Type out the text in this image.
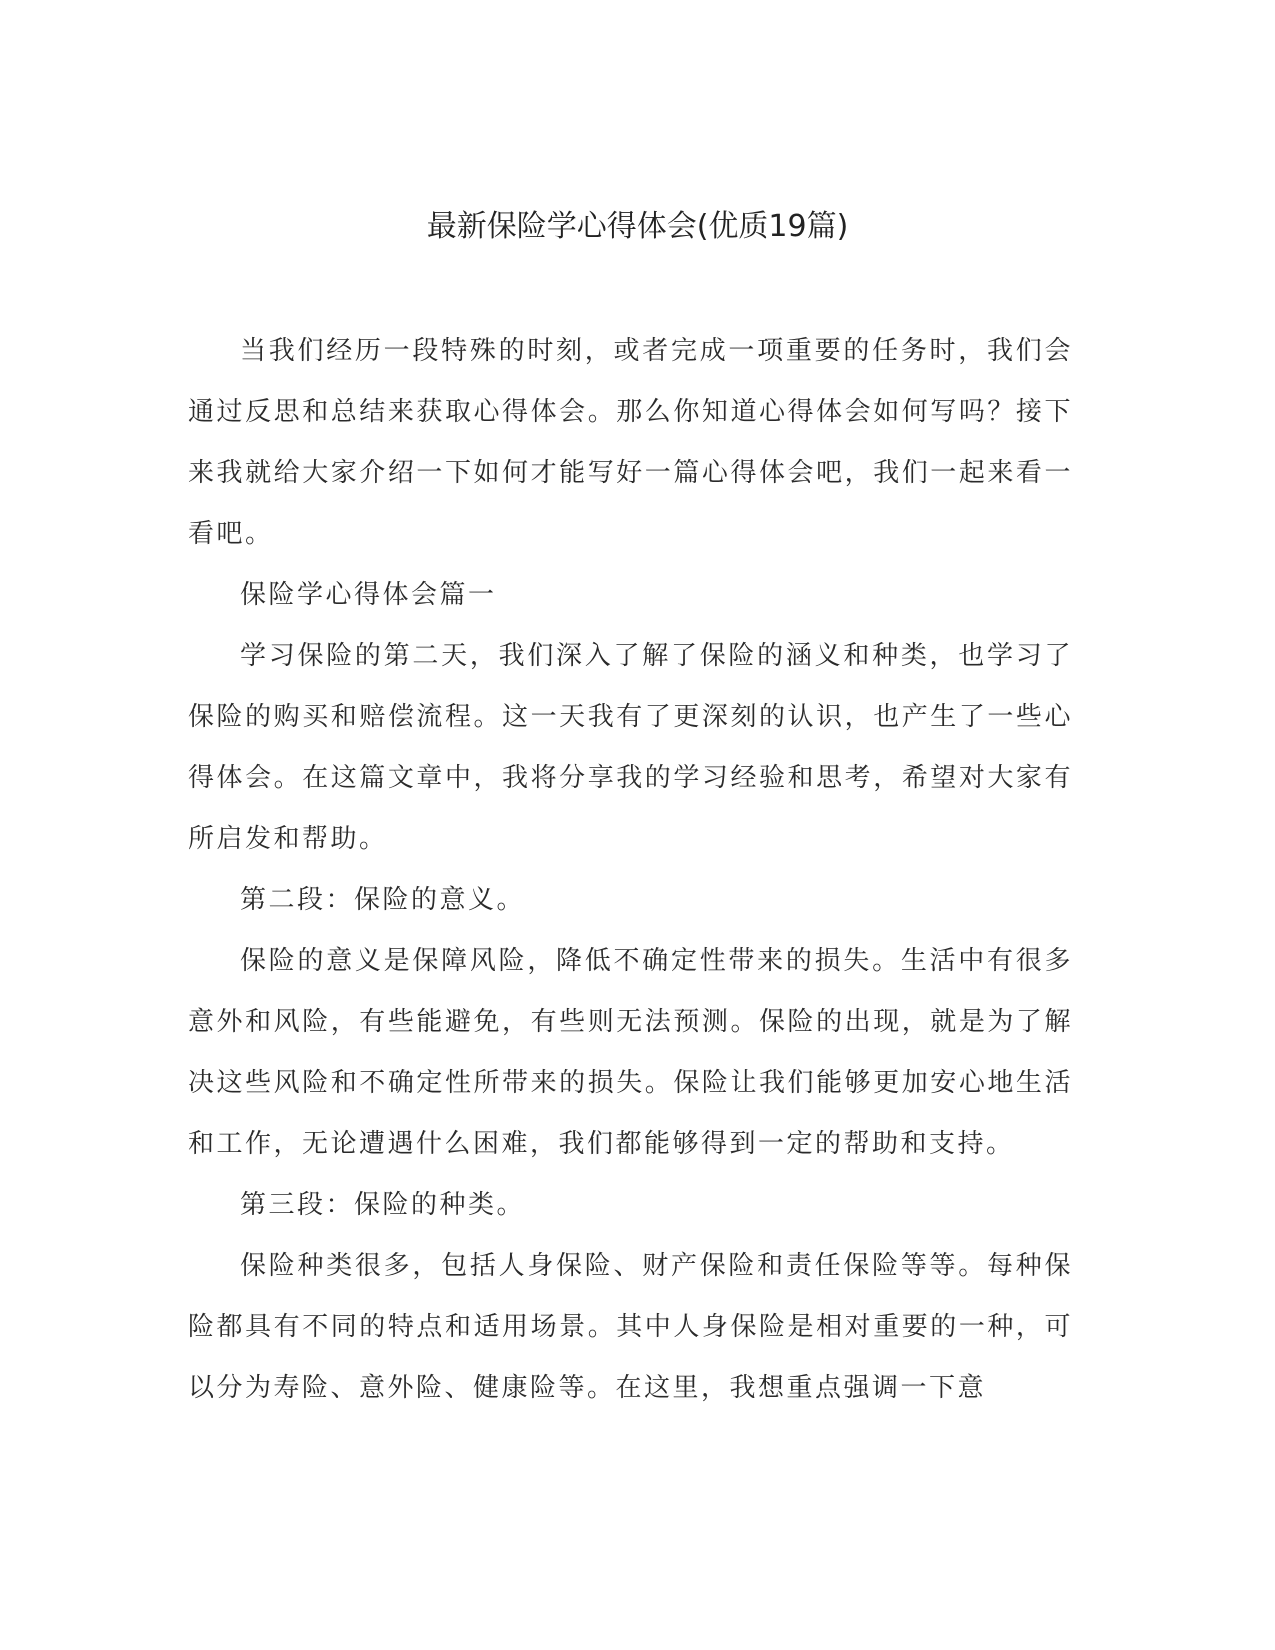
最新保险学心得体会(优质19篇)

当我们经历一段特殊的时刻，或者完成一项重要的任务时，我们会通过反思和总结来获取心得体会。那么你知道心得体会如何写吗？接下来我就给大家介绍一下如何才能写好一篇心得体会吧，我们一起来看一看吧。

保险学心得体会篇一

学习保险的第二天，我们深入了解了保险的涵义和种类，也学习了保险的购买和赔偿流程。这一天我有了更深刻的认识，也产生了一些心得体会。在这篇文章中，我将分享我的学习经验和思考，希望对大家有所启发和帮助。

第二段：保险的意义。

保险的意义是保障风险，降低不确定性带来的损失。生活中有很多意外和风险，有些能避免，有些则无法预测。保险的出现，就是为了解决这些风险和不确定性所带来的损失。保险让我们能够更加安心地生活和工作，无论遭遇什么困难，我们都能够得到一定的帮助和支持。

第三段：保险的种类。

保险种类很多，包括人身保险、财产保险和责任保险等等。每种保险都具有不同的特点和适用场景。其中人身保险是相对重要的一种，可以分为寿险、意外险、健康险等。在这里，我想重点强调一下意
